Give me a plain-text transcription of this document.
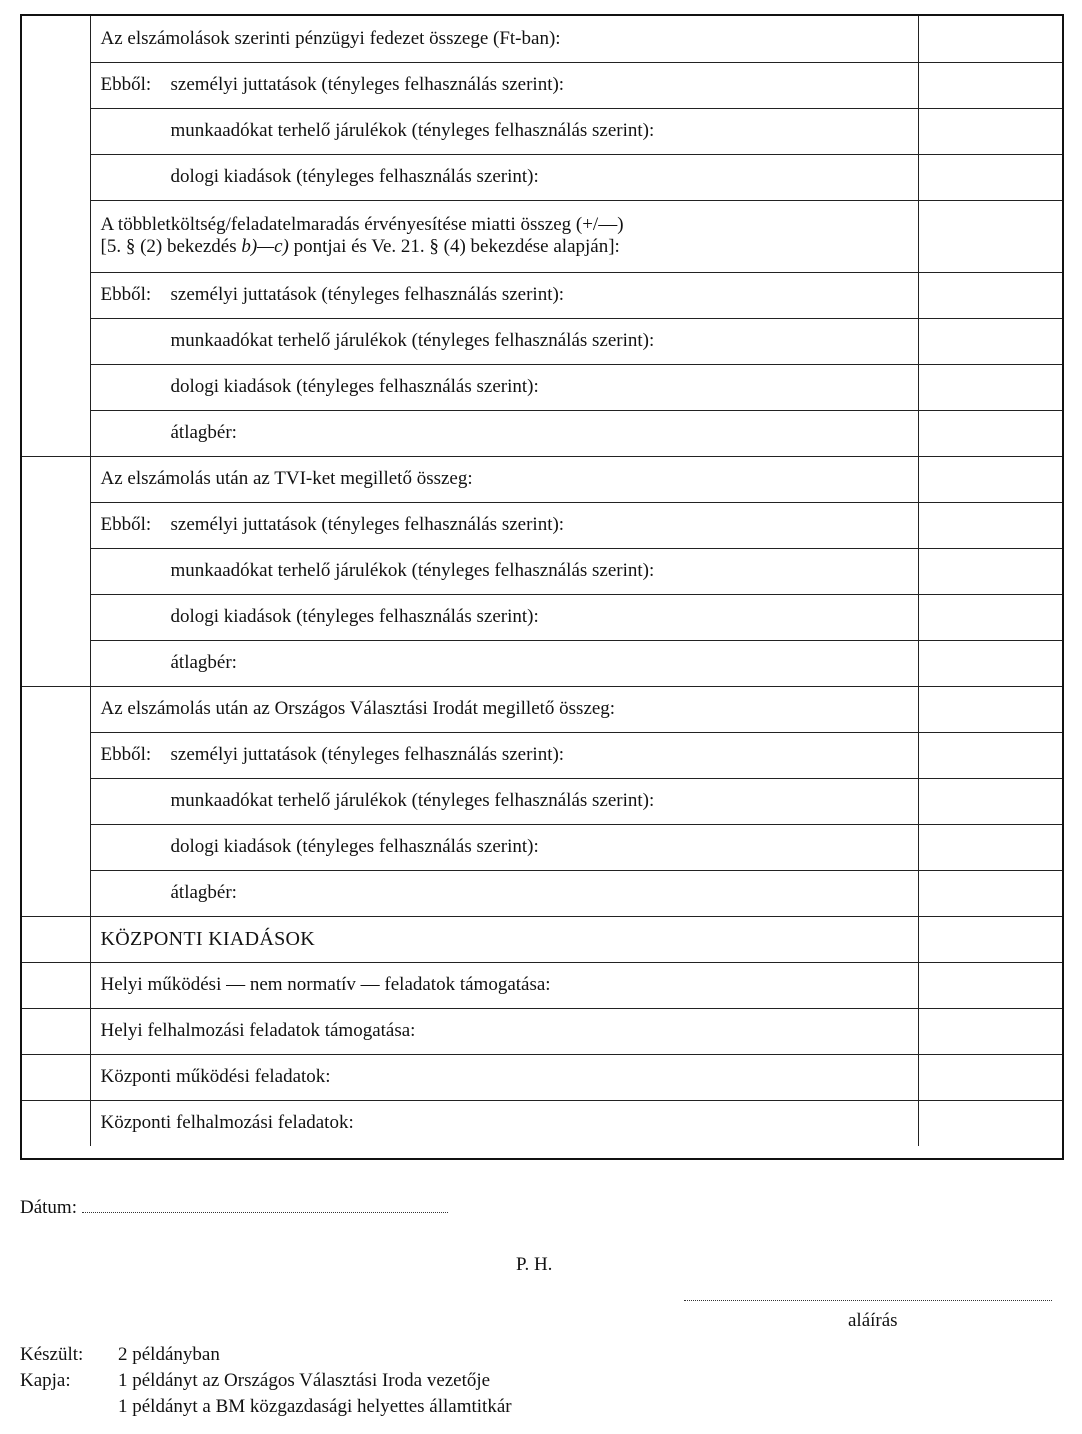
	Az elszámolások szerinti pénzügyi fedezet összege (Ft-ban):	
	Ebből: személyi juttatások (tényleges felhasználás szerint):	
	munkaadókat terhelő járulékok (tényleges felhasználás szerint):	
	dologi kiadások (tényleges felhasználás szerint):	

	A többletköltség/feladatelmaradás érvényesítése miatti összeg (+/—)
[5. § (2) bekezdés b)—c) pontjai és Ve. 21. § (4) bekezdése alapján]:	

	Ebből: személyi juttatások (tényleges felhasználás szerint):	
	munkaadókat terhelő járulékok (tényleges felhasználás szerint):	
	dologi kiadások (tényleges felhasználás szerint):	
	átlagbér:	
	Az elszámolás után az TVI-ket megillető összeg:	
	Ebből: személyi juttatások (tényleges felhasználás szerint):	
	munkaadókat terhelő járulékok (tényleges felhasználás szerint):	
	dologi kiadások (tényleges felhasználás szerint):	
	átlagbér:	
	Az elszámolás után az Országos Választási Irodát megillető összeg:	
	Ebből: személyi juttatások (tényleges felhasználás szerint):	
	munkaadókat terhelő járulékok (tényleges felhasználás szerint):	
	dologi kiadások (tényleges felhasználás szerint):	
	átlagbér:	
	KÖZPONTI KIADÁSOK	
	Helyi működési — nem normatív — feladatok támogatása:	
	Helyi felhalmozási feladatok támogatása:	
	Központi működési feladatok:	
	Központi felhalmozási feladatok:	
Dátum:
P. H.
aláírás
Készült: 2 példányban
Kapja: 1 példányt az Országos Választási Iroda vezetője
1 példányt a BM közgazdasági helyettes államtitkár
